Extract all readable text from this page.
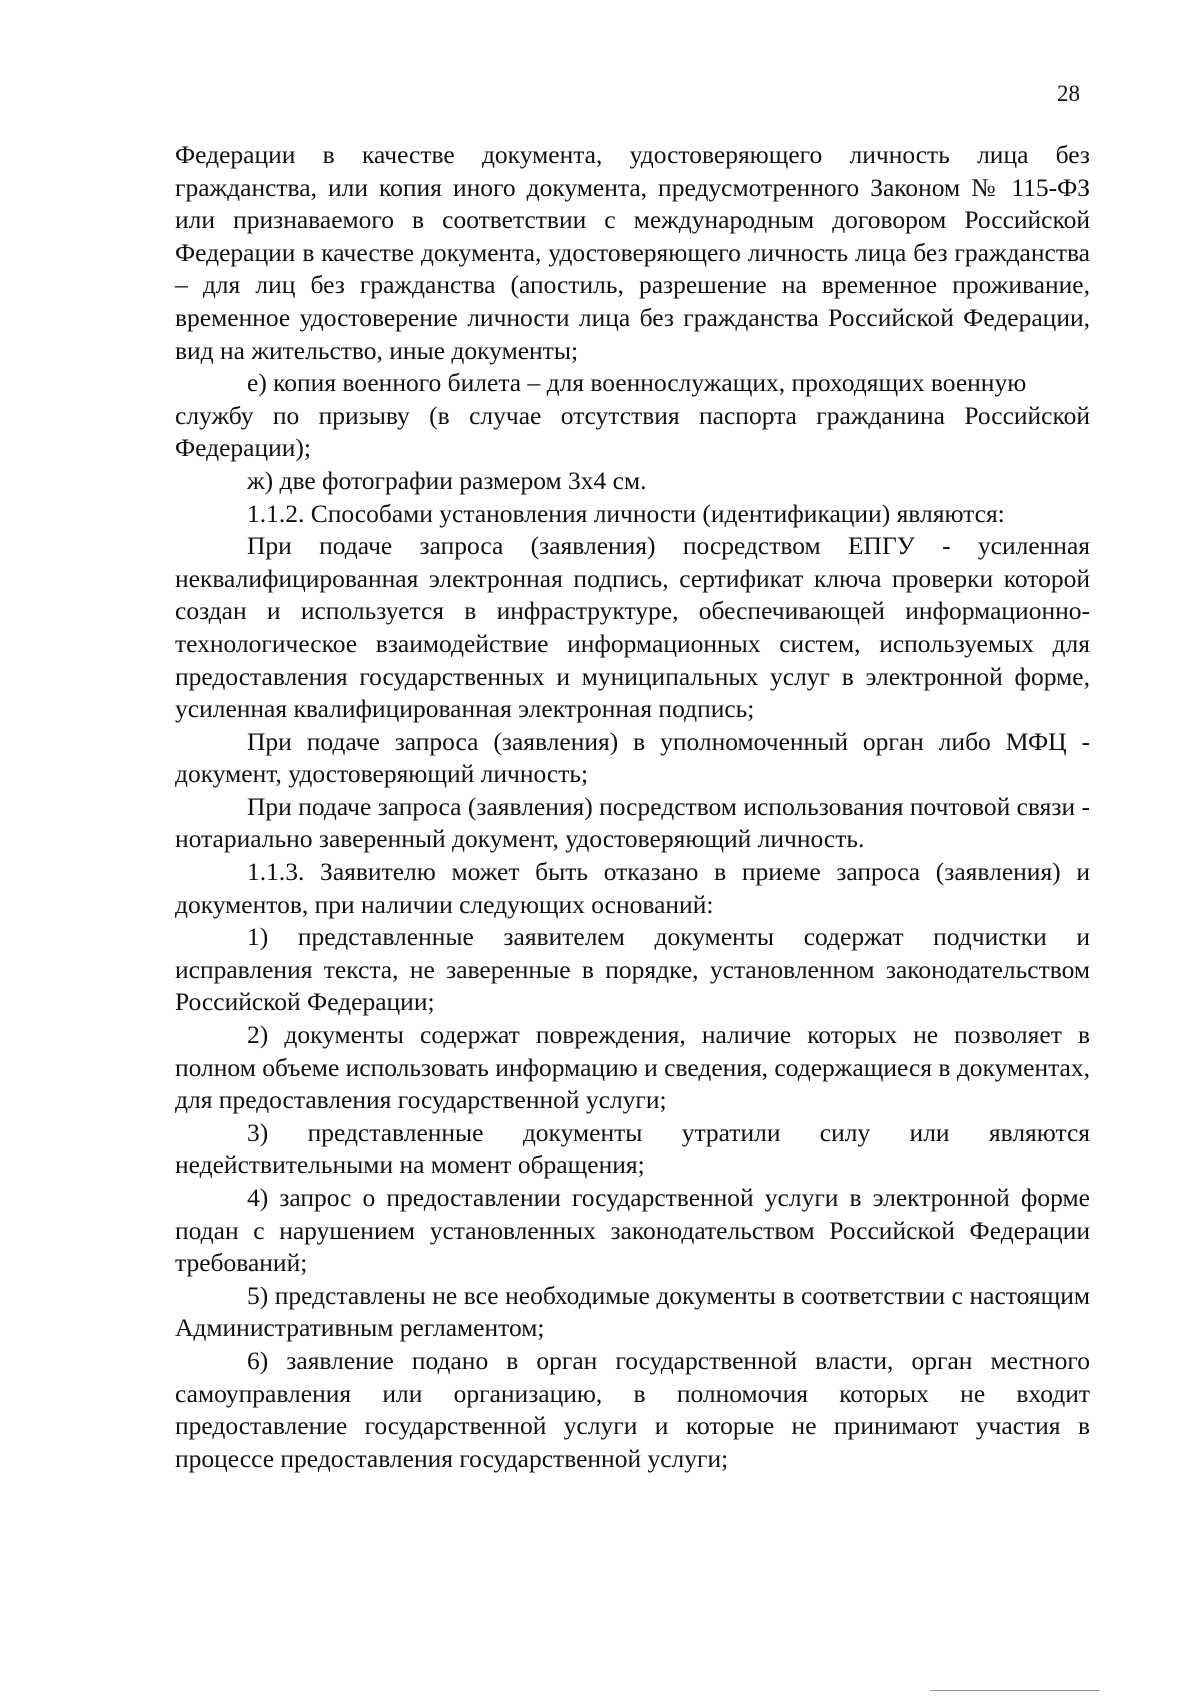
28

Федерации в качестве документа, удостоверяющего личность лица без гражданства, или копия иного документа, предусмотренного Законом № 115-ФЗ или признаваемого в соответствии с международным договором Российской Федерации в качестве документа, удостоверяющего личность лица без гражданства – для лиц без гражданства (апостиль, разрешение на временное проживание, временное удостоверение личности лица без гражданства Российской Федерации, вид на жительство, иные документы;

е) копия военного билета – для военнослужащих, проходящих военную

службу по призыву (в случае отсутствия паспорта гражданина Российской Федерации);

ж) две фотографии размером 3х4 см.

1.1.2. Способами установления личности (идентификации) являются:

При подаче запроса (заявления) посредством ЕПГУ - усиленная неквалифицированная электронная подпись, сертификат ключа проверки которой создан и используется в инфраструктуре, обеспечивающей информационно-технологическое взаимодействие информационных систем, используемых для предоставления государственных и муниципальных услуг в электронной форме, усиленная квалифицированная электронная подпись;

При подаче запроса (заявления) в уполномоченный орган либо МФЦ - документ, удостоверяющий личность;

При подаче запроса (заявления) посредством использования почтовой связи - нотариально заверенный документ, удостоверяющий личность.

1.1.3. Заявителю может быть отказано в приеме запроса (заявления) и документов, при наличии следующих оснований:

1) представленные заявителем документы содержат подчистки и исправления текста, не заверенные в порядке, установленном законодательством Российской Федерации;

2) документы содержат повреждения, наличие которых не позволяет в полном объеме использовать информацию и сведения, содержащиеся в документах, для предоставления государственной услуги;

3) представленные документы утратили силу или являются недействительными на момент обращения;

4) запрос о предоставлении государственной услуги в электронной форме подан с нарушением установленных законодательством Российской Федерации требований;

5) представлены не все необходимые документы в соответствии с настоящим Административным регламентом;

6) заявление подано в орган государственной власти, орган местного самоуправления или организацию, в полномочия которых не входит предоставление государственной услуги и которые не принимают участия в процессе предоставления государственной услуги;
